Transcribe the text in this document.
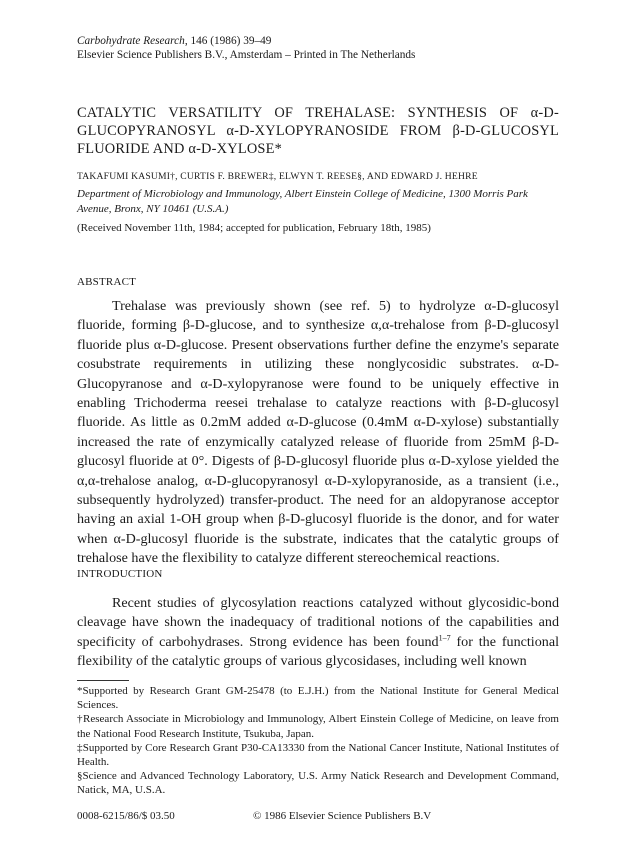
Carbohydrate Research, 146 (1986) 39–49
Elsevier Science Publishers B.V., Amsterdam – Printed in The Netherlands

CATALYTIC VERSATILITY OF TREHALASE: SYNTHESIS OF α-D-GLUCOPYRANOSYL α-D-XYLOPYRANOSIDE FROM β-D-GLUCOSYL FLUORIDE AND α-D-XYLOSE*

TAKAFUMI KASUMI†, CURTIS F. BREWER‡, ELWYN T. REESE§, AND EDWARD J. HEHRE

Department of Microbiology and Immunology, Albert Einstein College of Medicine, 1300 Morris Park Avenue, Bronx, NY 10461 (U.S.A.)

(Received November 11th, 1984; accepted for publication, February 18th, 1985)

ABSTRACT

Trehalase was previously shown (see ref. 5) to hydrolyze α-D-glucosyl fluoride, forming β-D-glucose, and to synthesize α,α-trehalose from β-D-glucosyl fluoride plus α-D-glucose. Present observations further define the enzyme's separate cosubstrate requirements in utilizing these nonglycosidic substrates. α-D-Glucopyranose and α-D-xylopyranose were found to be uniquely effective in enabling Trichoderma reesei trehalase to catalyze reactions with β-D-glucosyl fluoride. As little as 0.2mM added α-D-glucose (0.4mM α-D-xylose) substantially increased the rate of enzymically catalyzed release of fluoride from 25mM β-D-glucosyl fluoride at 0°. Digests of β-D-glucosyl fluoride plus α-D-xylose yielded the α,α-trehalose analog, α-D-glucopyranosyl α-D-xylopyranoside, as a transient (i.e., subsequently hydrolyzed) transfer-product. The need for an aldopyranose acceptor having an axial 1-OH group when β-D-glucosyl fluoride is the donor, and for water when α-D-glucosyl fluoride is the substrate, indicates that the catalytic groups of trehalose have the flexibility to catalyze different stereochemical reactions.

INTRODUCTION

Recent studies of glycosylation reactions catalyzed without glycosidic-bond cleavage have shown the inadequacy of traditional notions of the capabilities and specificity of carbohydrases. Strong evidence has been found$^{1-7}$ for the functional flexibility of the catalytic groups of various glycosidases, including well known

*Supported by Research Grant GM-25478 (to E.J.H.) from the National Institute for General Medical Sciences.

†Research Associate in Microbiology and Immunology, Albert Einstein College of Medicine, on leave from the National Food Research Institute, Tsukuba, Japan.

‡Supported by Core Research Grant P30-CA13330 from the National Cancer Institute, National Institutes of Health.

§Science and Advanced Technology Laboratory, U.S. Army Natick Research and Development Command, Natick, MA, U.S.A.

0008-6215/86/$ 03.50	© 1986 Elsevier Science Publishers B.V
